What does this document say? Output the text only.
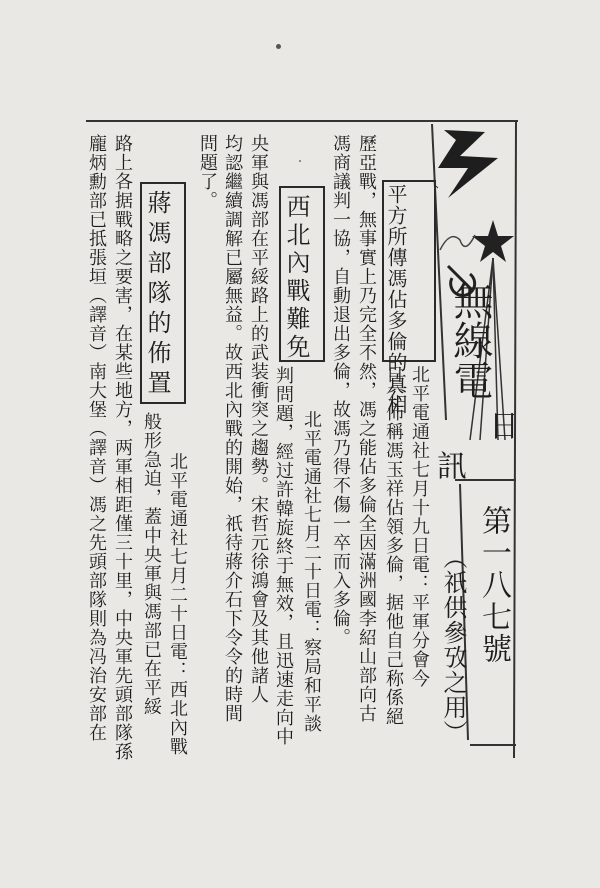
無線電
日
訊
第一八七號
（祇供參攷之用）
平方所傳馮佔多倫的真相
北平電通社七月十九日電：平軍分會今
日公佈稱馮玉祥佔領多倫，据他自己称係絕
歷亞戰，無事實上乃完全不然，馮之能佔多倫全因滿洲國李紹山部向古
馮商議判一協，自動退出多倫，故馮乃得不傷一卒而入多倫。
西北內戰難免
北平電通社七月二十日電：察局和平談
判問題，經过許韓旋終于無效，且迅速走向中
央軍與馮部在平綏路上的武装衝突之趨勢。宋哲元徐鴻會及其他諸人
均認繼續調解已屬無益。故西北內戰的開始，祇待蔣介石下令令的時間
問題了。
蔣馮部隊的佈置
北平電通社七月二十日電：西北內戰
般形急迫，蓋中央軍與馮部已在平綏
路上各据戰略之要害，在某些地方，两軍相距僅三十里，中央軍先頭部隊孫
龐炳勳部已抵張垣（譯音）南大堡（譯音）馮之先頭部隊則為冯治安部在
